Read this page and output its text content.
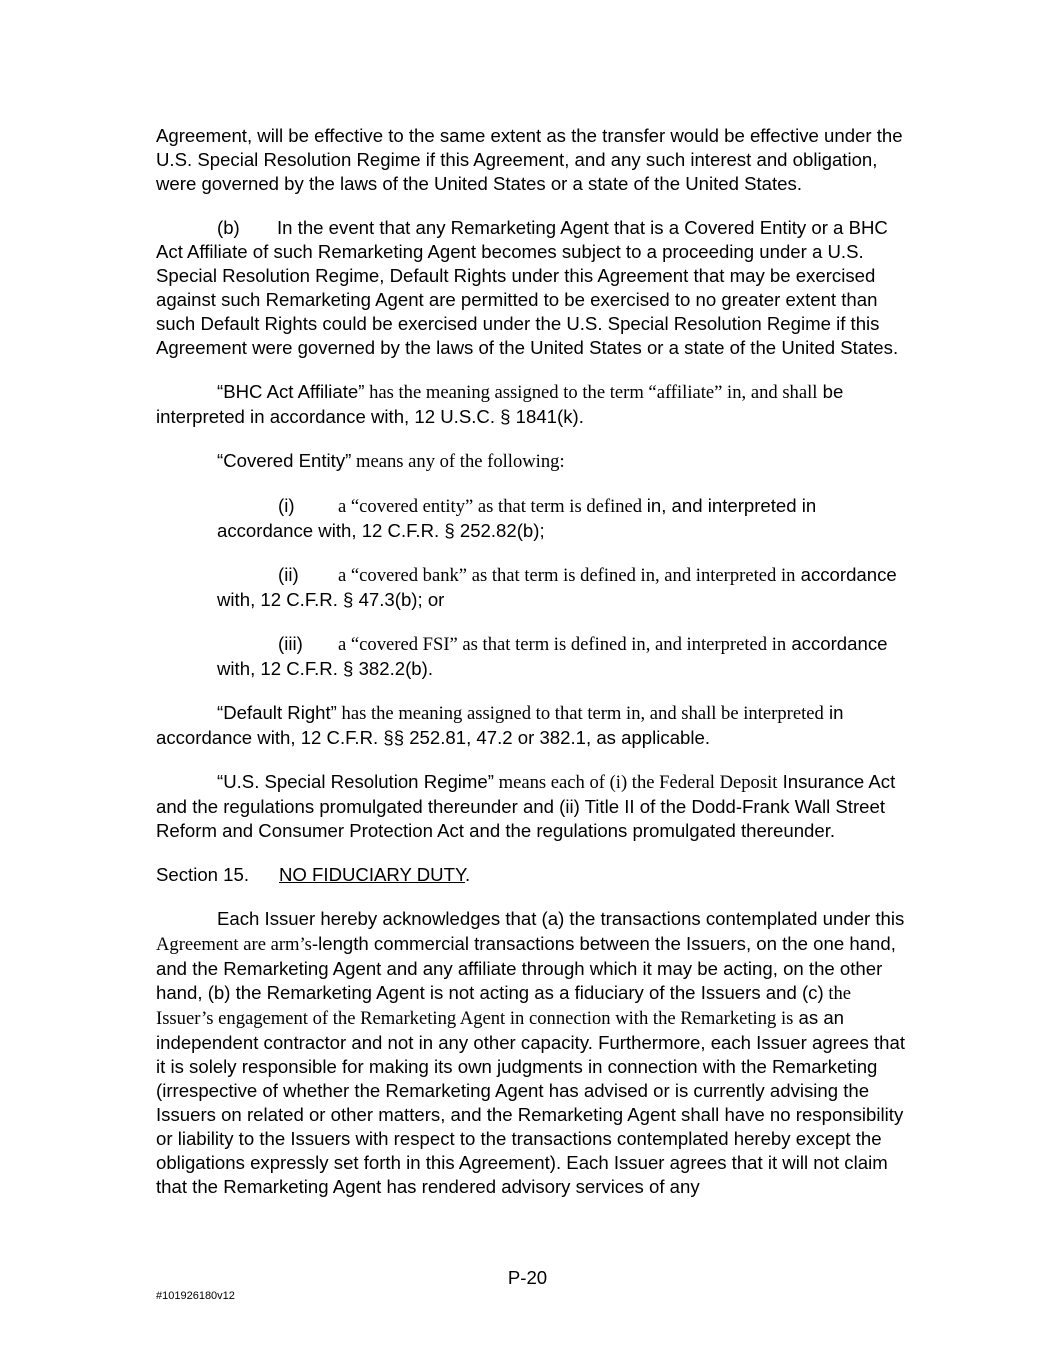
Agreement, will be effective to the same extent as the transfer would be effective under the U.S. Special Resolution Regime if this Agreement, and any such interest and obligation, were governed by the laws of the United States or a state of the United States.

(b) In the event that any Remarketing Agent that is a Covered Entity or a BHC Act Affiliate of such Remarketing Agent becomes subject to a proceeding under a U.S. Special Resolution Regime, Default Rights under this Agreement that may be exercised against such Remarketing Agent are permitted to be exercised to no greater extent than such Default Rights could be exercised under the U.S. Special Resolution Regime if this Agreement were governed by the laws of the United States or a state of the United States.

“BHC Act Affiliate” has the meaning assigned to the term “affiliate” in, and shall be interpreted in accordance with, 12 U.S.C. § 1841(k).

“Covered Entity” means any of the following:

(i) a “covered entity” as that term is defined in, and interpreted in accordance with, 12 C.F.R. § 252.82(b);

(ii) a “covered bank” as that term is defined in, and interpreted in accordance with, 12 C.F.R. § 47.3(b); or

(iii) a “covered FSI” as that term is defined in, and interpreted in accordance with, 12 C.F.R. § 382.2(b).

“Default Right” has the meaning assigned to that term in, and shall be interpreted in accordance with, 12 C.F.R. §§ 252.81, 47.2 or 382.1, as applicable.

“U.S. Special Resolution Regime” means each of (i) the Federal Deposit Insurance Act and the regulations promulgated thereunder and (ii) Title II of the Dodd-Frank Wall Street Reform and Consumer Protection Act and the regulations promulgated thereunder.

Section 15. NO FIDUCIARY DUTY.

Each Issuer hereby acknowledges that (a) the transactions contemplated under this Agreement are arm’s-length commercial transactions between the Issuers, on the one hand, and the Remarketing Agent and any affiliate through which it may be acting, on the other hand, (b) the Remarketing Agent is not acting as a fiduciary of the Issuers and (c) the Issuer’s engagement of the Remarketing Agent in connection with the Remarketing is as an independent contractor and not in any other capacity. Furthermore, each Issuer agrees that it is solely responsible for making its own judgments in connection with the Remarketing (irrespective of whether the Remarketing Agent has advised or is currently advising the Issuers on related or other matters, and the Remarketing Agent shall have no responsibility or liability to the Issuers with respect to the transactions contemplated hereby except the obligations expressly set forth in this Agreement). Each Issuer agrees that it will not claim that the Remarketing Agent has rendered advisory services of any

P-20
#101926180v12
